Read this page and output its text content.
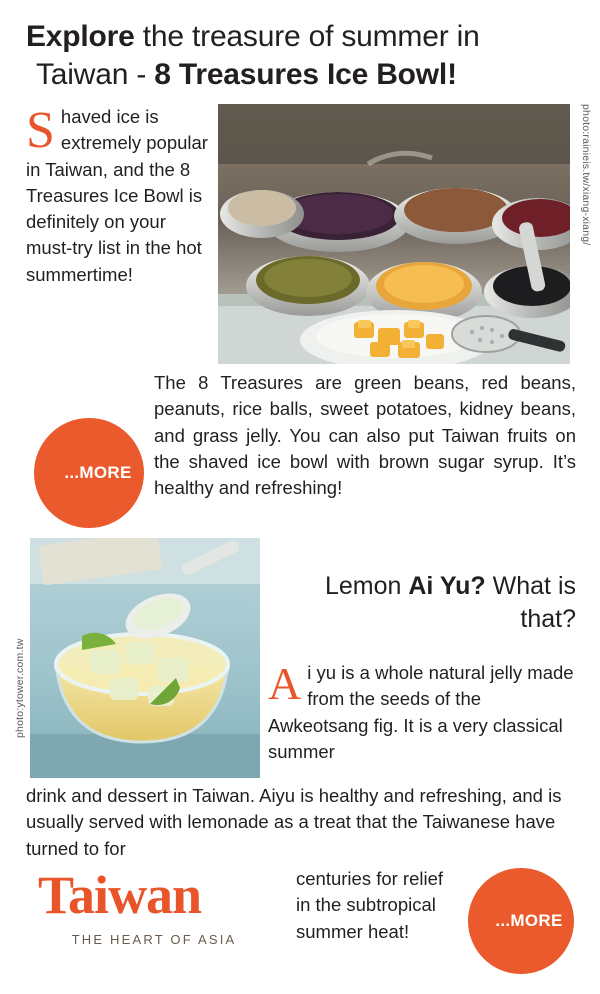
Explore the treasure of summer in
Taiwan - 8 Treasures Ice Bowl!
photo:rainieis.tw/xiang-xiang/
Shaved ice is extremely popular in Taiwan, and the 8 Treasures Ice Bowl is definitely on your must-try list in the hot summertime!
The 8 Treasures are green beans, red beans, peanuts, rice balls, sweet potatoes, kidney beans, and grass jelly. You can also put Taiwan fruits on the shaved ice bowl with brown sugar syrup. It’s healthy and refreshing!
...MORE
photo:ytower.com.tw
Lemon Ai Yu? What is that?
Ai yu is a whole natural jelly made from the seeds of the Awkeotsang fig. It is a very classical summer
drink and dessert in Taiwan. Aiyu is healthy and refreshing, and is usually served with lemonade as a treat that the Taiwanese have turned to for
centuries for relief in the subtropical summer heat!
...MORE
Taiwan
THE HEART OF ASIA
